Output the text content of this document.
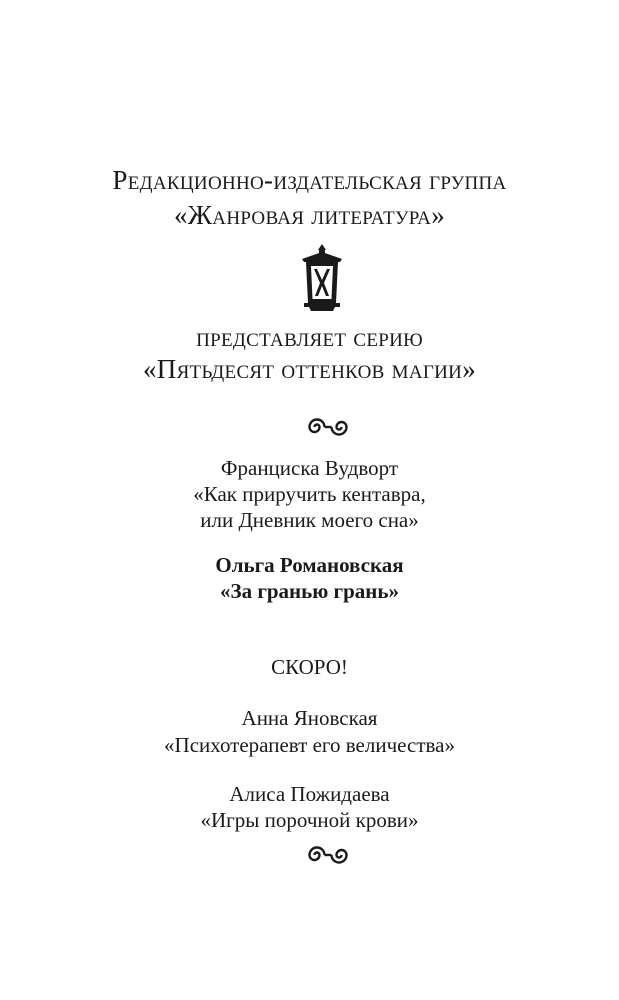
Редакционно-издательская группа
«Жанровая литература»
представляет серию
«Пятьдесят оттенков магии»
Франциска Вудворт
«Как приручить кентавра,
или Дневник моего сна»
Ольга Романовская
«За гранью грань»
СКОРО!
Анна Яновская
«Психотерапевт его величества»
Алиса Пожидаева
«Игры порочной крови»
